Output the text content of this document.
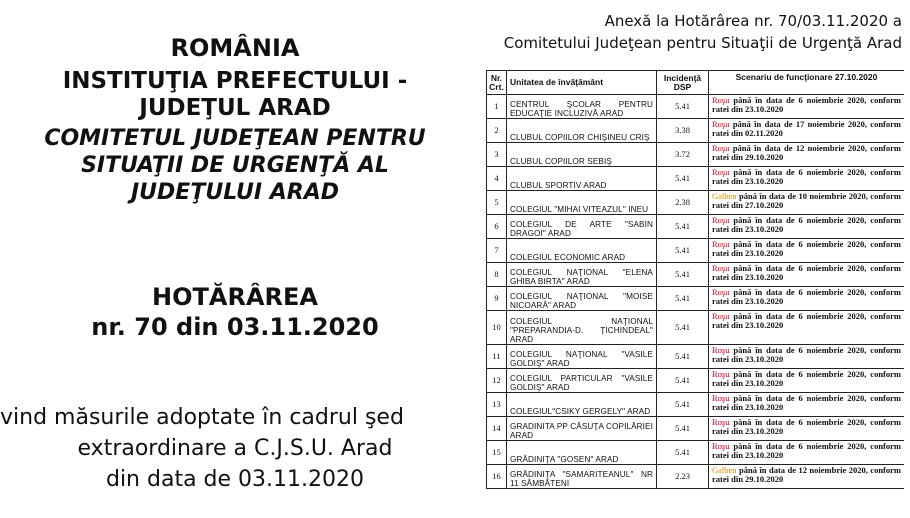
ROMÂNIA
INSTITUŢIA PREFECTULUI -
JUDEŢUL ARAD
COMITETUL JUDEŢEAN PENTRU
SITUAŢII DE URGENŢĂ AL
JUDEŢULUI ARAD
HOTĂRÂREA
nr. 70 din 03.11.2020
vind măsurile adoptate în cadrul şed
extraordinare a C.J.S.U. Arad
din data de 03.11.2020
Anexă la Hotărârea nr. 70/03.11.2020 a
Comitetului Judeţean pentru Situaţii de Urgenţă Arad
Nr. Crt.	Unitatea de învăţământ	Incidenţă DSP	Scenariu de funcţionare 27.10.2020
1	CENTRUL ŞCOLAR PENTRU EDUCAŢIE INCLUZIVĂ ARAD	5.41	Roşu până în data de 6 noiembrie 2020, conform ratei din 23.10.2020
2	CLUBUL COPIILOR CHIŞINEU CRIŞ	3.38	Roşu până în data de 17 noiembrie 2020, conform ratei din 02.11.2020
3	CLUBUL COPIILOR SEBIŞ	3.72	Roşu până în data de 12 noiembrie 2020, conform ratei din 29.10.2020
4	CLUBUL SPORTIV ARAD	5.41	Roşu până în data de 6 noiembrie 2020, conform ratei din 23.10.2020
5	COLEGIUL "MIHAI VITEAZUL" INEU	2.38	Galben până în data de 10 noiembrie 2020, conform ratei din 27.10.2020
6	COLEGIUL DE ARTE "SABIN DRAGOI" ARAD	5.41	Roşu până în data de 6 noiembrie 2020, conform ratei din 23.10.2020
7	COLEGIUL ECONOMIC ARAD	5.41	Roşu până în data de 6 noiembrie 2020, conform ratei din 23.10.2020
8	COLEGIUL NAŢIONAL "ELENA GHIBA BIRTA" ARAD	5.41	Roşu până în data de 6 noiembrie 2020, conform ratei din 23.10.2020
9	COLEGIUL NAŢIONAL "MOISE NICOARĂ" ARAD	5.41	Roşu până în data de 6 noiembrie 2020, conform ratei din 23.10.2020
10	COLEGIUL NAŢIONAL "PREPARANDIA-D. ŢICHINDEAL" ARAD	5.41	Roşu până în data de 6 noiembrie 2020, conform ratei din 23.10.2020
11	COLEGIUL NAŢIONAL "VASILE GOLDIŞ" ARAD	5.41	Roşu până în data de 6 noiembrie 2020, conform ratei din 23.10.2020
12	COLEGIUL PARTICULAR "VASILE GOLDIŞ" ARAD	5.41	Roşu până în data de 6 noiembrie 2020, conform ratei din 23.10.2020
13	COLEGIUL"CSIKY GERGELY" ARAD	5.41	Roşu până în data de 6 noiembrie 2020, conform ratei din 23.10.2020
14	GRADINITA PP CĂSUŢA COPILĂRIEI ARAD	5.41	Roşu până în data de 6 noiembrie 2020, conform ratei din 23.10.2020
15	GRĂDINIŢA "GOSEN" ARAD	5.41	Roşu până în data de 6 noiembrie 2020, conform ratei din 23.10.2020
16	GRĂDINIŢA "SAMARITEANUL" NR 11 SÂMBĂTENI	2.23	Galben până în data de 12 noiembrie 2020, conform ratei din 29.10.2020
